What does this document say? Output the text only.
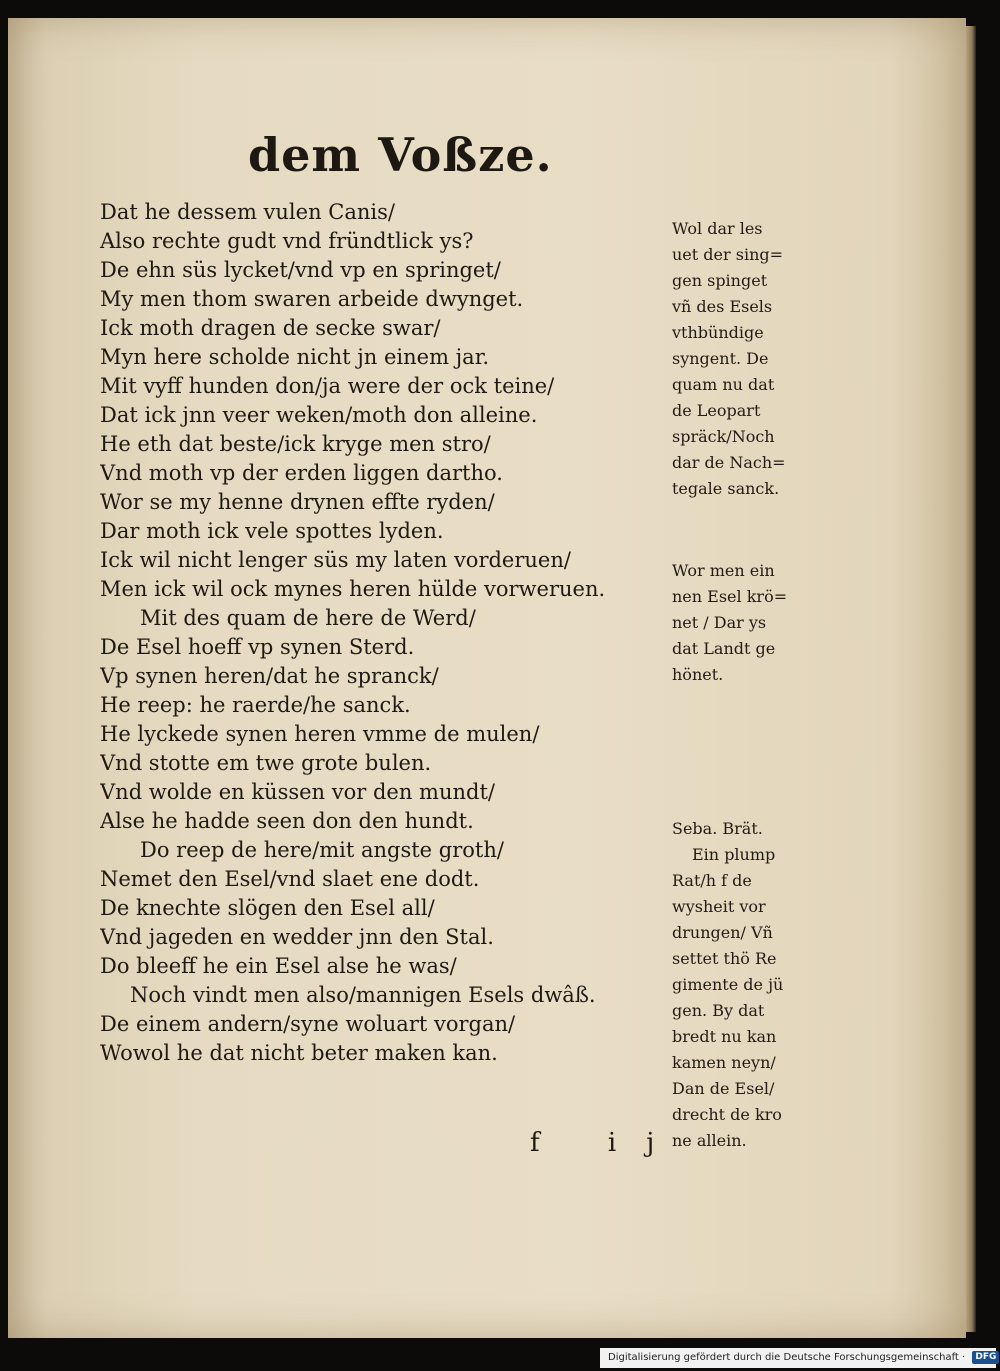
dem Voßze.
Dat he dessem vulen Canis/
Also rechte gudt vnd fründtlick ys?
De ehn süs lycket/vnd vp en springet/
My men thom swaren arbeide dwynget.
Ick moth dragen de secke swar/
Myn here scholde nicht jn einem jar.
Mit vyff hunden don/ja were der ock teine/
Dat ick jnn veer weken/moth don alleine.
He eth dat beste/ick kryge men stro/
Vnd moth vp der erden liggen dartho.
Wor se my henne drynen effte ryden/
Dar moth ick vele spottes lyden.
Ick wil nicht lenger süs my laten vorderuen/
Men ick wil ock mynes heren hülde vorweruen.
Mit des quam de here de Werd/
De Esel hoeff vp synen Sterd.
Vp synen heren/dat he spranck/
He reep: he raerde/he sanck.
He lyckede synen heren vmme de mulen/
Vnd stotte em twe grote bulen.
Vnd wolde en küssen vor den mundt/
Alse he hadde seen don den hundt.
Do reep de here/mit angste groth/
Nemet den Esel/vnd slaet ene dodt.
De knechte slögen den Esel all/
Vnd jageden en wedder jnn den Stal.
Do bleeff he ein Esel alse he was/
Noch vindt men also/mannigen Esels dwâß.
De einem andern/syne woluart vorgan/
Wowol he dat nicht beter maken kan.
Wol dar les
uet der sing=
gen spinget
vñ des Esels
vthbündige
syngent. De
quam nu dat
de Leopart
spräck/Noch
dar de Nach=
tegale sanck.
Wor men ein
nen Esel krö=
net / Dar ys
dat Landt ge
hönet.
Seba. Brät.
Ein plump
Rat/h f de
wysheit vor
drungen/ Vñ
settet thö Re
gimente de jü
gen. By dat
bredt nu kan
kamen neyn/
Dan de Esel/
drecht de kro
ne allein.
f ij
Digitalisierung gefördert durch die Deutsche Forschungsgemeinschaft · DFG
